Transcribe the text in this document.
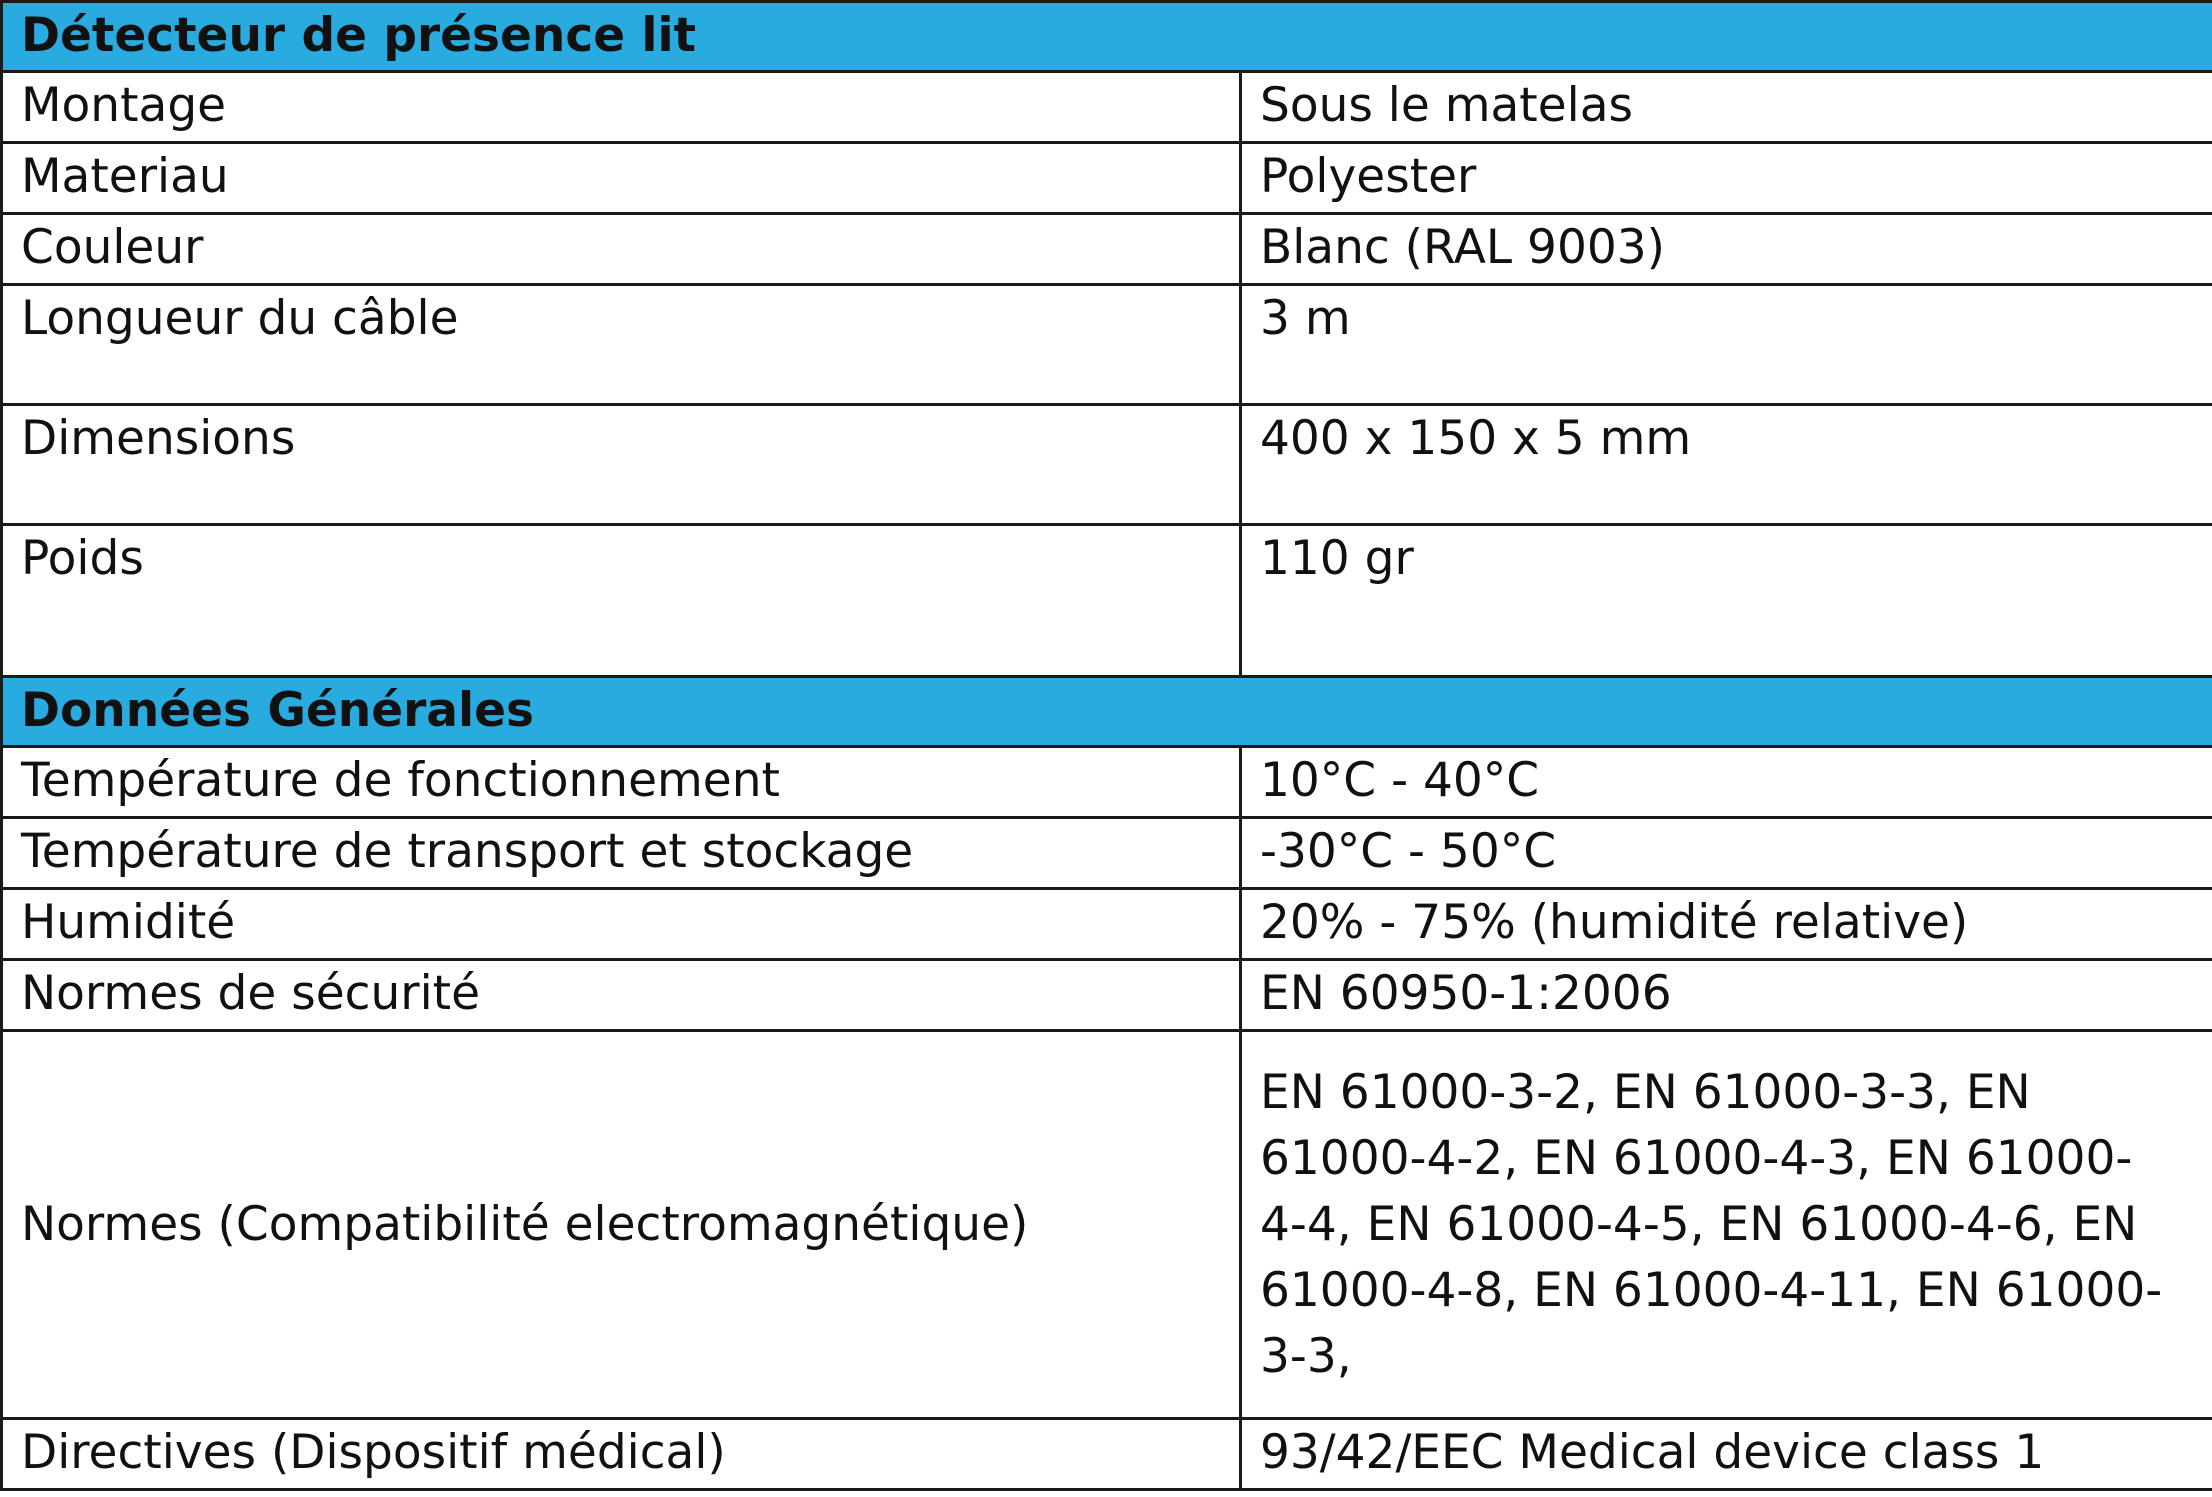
Détecteur de présence lit	
Montage	Sous le matelas
Materiau	Polyester
Couleur	Blanc (RAL 9003)
Longueur du câble	3 m
Dimensions	400 x 150 x 5 mm
Poids	110 gr
Données Générales	
Température de fonctionnement	10°C - 40°C
Température de transport et stockage	-30°C - 50°C
Humidité	20% - 75% (humidité relative)
Normes de sécurité	EN 60950-1:2006
Normes (Compatibilité electromagnétique)	EN 61000-3-2, EN 61000-3-3, EN
61000-4-2, EN 61000-4-3, EN 61000-
4-4, EN 61000-4-5, EN 61000-4-6, EN
61000-4-8, EN 61000-4-11, EN 61000-
3-3,

Directives (Dispositif médical)	93/42/EEC Medical device class 1
